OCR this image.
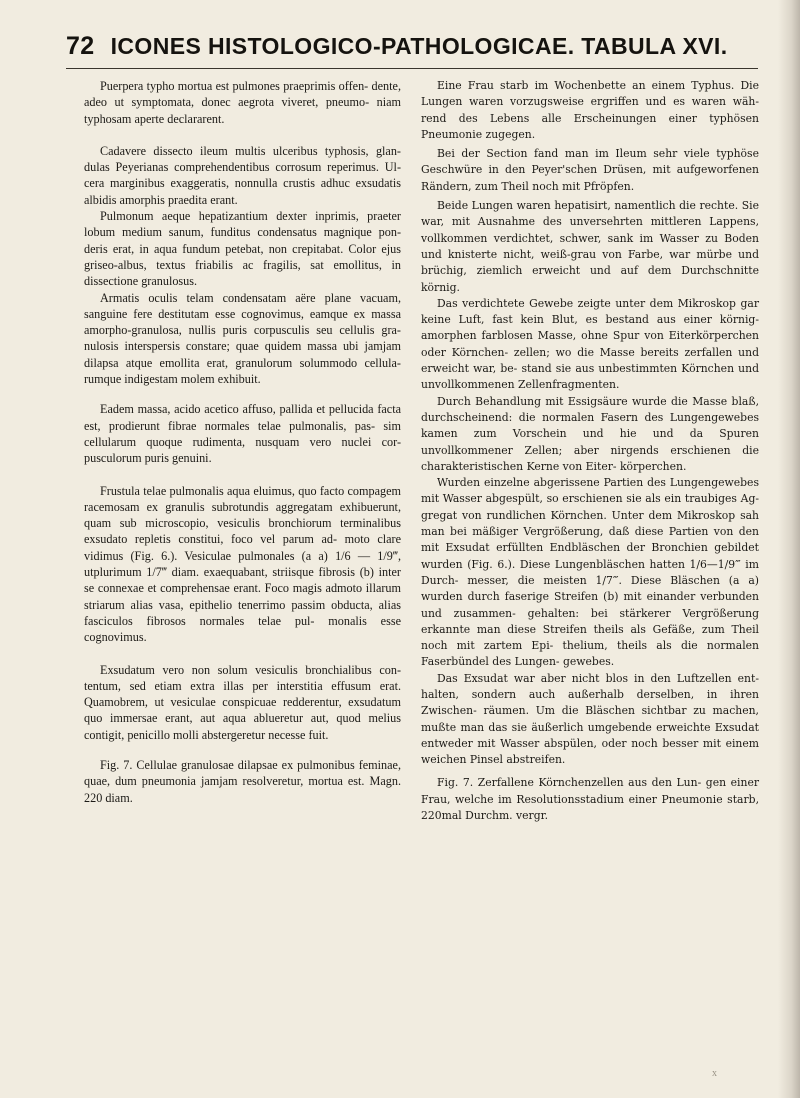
72 ICONES HISTOLOGICO-PATHOLOGICAE. TABULA XVI.

Puerpera typho mortua est pulmones praeprimis offen- dente, adeo ut symptomata, donec aegrota viveret, pneumo- niam typhosam aperte declararent.

Cadavere dissecto ileum multis ulceribus typhosis, glan- dulas Peyerianas comprehendentibus corrosum reperimus. Ul- cera marginibus exaggeratis, nonnulla crustis adhuc exsudatis albidis amorphis praedita erant.

Pulmonum aeque hepatizantium dexter inprimis, praeter lobum medium sanum, funditus condensatus magnique pon- deris erat, in aqua fundum petebat, non crepitabat. Color ejus griseo-albus, textus friabilis ac fragilis, sat emollitus, in dissectione granulosus.

Armatis oculis telam condensatam aëre plane vacuam, sanguine fere destitutam esse cognovimus, eamque ex massa amorpho-granulosa, nullis puris corpusculis seu cellulis gra- nulosis interspersis constare; quae quidem massa ubi jamjam dilapsa atque emollita erat, granulorum solummodo cellula- rumque indigestam molem exhibuit.

Eadem massa, acido acetico affuso, pallida et pellucida facta est, prodierunt fibrae normales telae pulmonalis, pas- sim cellularum quoque rudimenta, nusquam vero nuclei cor- pusculorum puris genuini.

Frustula telae pulmonalis aqua eluimus, quo facto compagem racemosam ex granulis subrotundis aggregatam exhibuerunt, quam sub microscopio, vesiculis bronchiorum terminalibus exsudato repletis constitui, foco vel parum ad- moto clare vidimus (Fig. 6.). Vesiculae pulmonales (a a) 1/6 — 1/9‴, utplurimum 1/7‴ diam. exaequabant, striisque fibrosis (b) inter se connexae et comprehensae erant. Foco magis admoto illarum striarum alias vasa, epithelio tenerrimo passim obducta, alias fasciculos fibrosos normales telae pul- monalis esse cognovimus.

Exsudatum vero non solum vesiculis bronchialibus con- tentum, sed etiam extra illas per interstitia effusum erat. Quamobrem, ut vesiculae conspicuae redderentur, exsudatum quo immersae erant, aut aqua ablueretur aut, quod melius contigit, penicillo molli abstergeretur necesse fuit.

Fig. 7. Cellulae granulosae dilapsae ex pulmonibus feminae, quae, dum pneumonia jamjam resolveretur, mortua est. Magn. 220 diam.

Eine Frau starb im Wochenbette an einem Typhus. Die Lungen waren vorzugsweise ergriffen und es waren wäh- rend des Lebens alle Erscheinungen einer typhösen Pneumonie zugegen.

Bei der Section fand man im Ileum sehr viele typhöse Geschwüre in den Peyer'schen Drüsen, mit aufgeworfenen Rändern, zum Theil noch mit Pfröpfen.

Beide Lungen waren hepatisirt, namentlich die rechte. Sie war, mit Ausnahme des unversehrten mittleren Lappens, vollkommen verdichtet, schwer, sank im Wasser zu Boden und knisterte nicht, weiß-grau von Farbe, war mürbe und brüchig, ziemlich erweicht und auf dem Durchschnitte körnig.

Das verdichtete Gewebe zeigte unter dem Mikroskop gar keine Luft, fast kein Blut, es bestand aus einer körnig-amorphen farblosen Masse, ohne Spur von Eiterkörperchen oder Körnchen- zellen; wo die Masse bereits zerfallen und erweicht war, be- stand sie aus unbestimmten Körnchen und unvollkommenen Zellenfragmenten.

Durch Behandlung mit Essigsäure wurde die Masse blaß, durchscheinend: die normalen Fasern des Lungengewebes kamen zum Vorschein und hie und da Spuren unvollkommener Zellen; aber nirgends erschienen die charakteristischen Kerne von Eiter- körperchen.

Wurden einzelne abgerissene Partien des Lungengewebes mit Wasser abgespült, so erschienen sie als ein traubiges Ag- gregat von rundlichen Körnchen. Unter dem Mikroskop sah man bei mäßiger Vergrößerung, daß diese Partien von den mit Exsudat erfüllten Endbläschen der Bronchien gebildet wurden (Fig. 6.). Diese Lungenbläschen hatten 1/6—1/9‴ im Durch- messer, die meisten 1/7‴. Diese Bläschen (a a) wurden durch faserige Streifen (b) mit einander verbunden und zusammen- gehalten: bei stärkerer Vergrößerung erkannte man diese Streifen theils als Gefäße, zum Theil noch mit zartem Epi- thelium, theils als die normalen Faserbündel des Lungen- gewebes.

Das Exsudat war aber nicht blos in den Luftzellen ent- halten, sondern auch außerhalb derselben, in ihren Zwischen- räumen. Um die Bläschen sichtbar zu machen, mußte man das sie äußerlich umgebende erweichte Exsudat entweder mit Wasser abspülen, oder noch besser mit einem weichen Pinsel abstreifen.

Fig. 7. Zerfallene Körnchenzellen aus den Lun- gen einer Frau, welche im Resolutionsstadium einer Pneumonie starb, 220mal Durchm. vergr.

x
